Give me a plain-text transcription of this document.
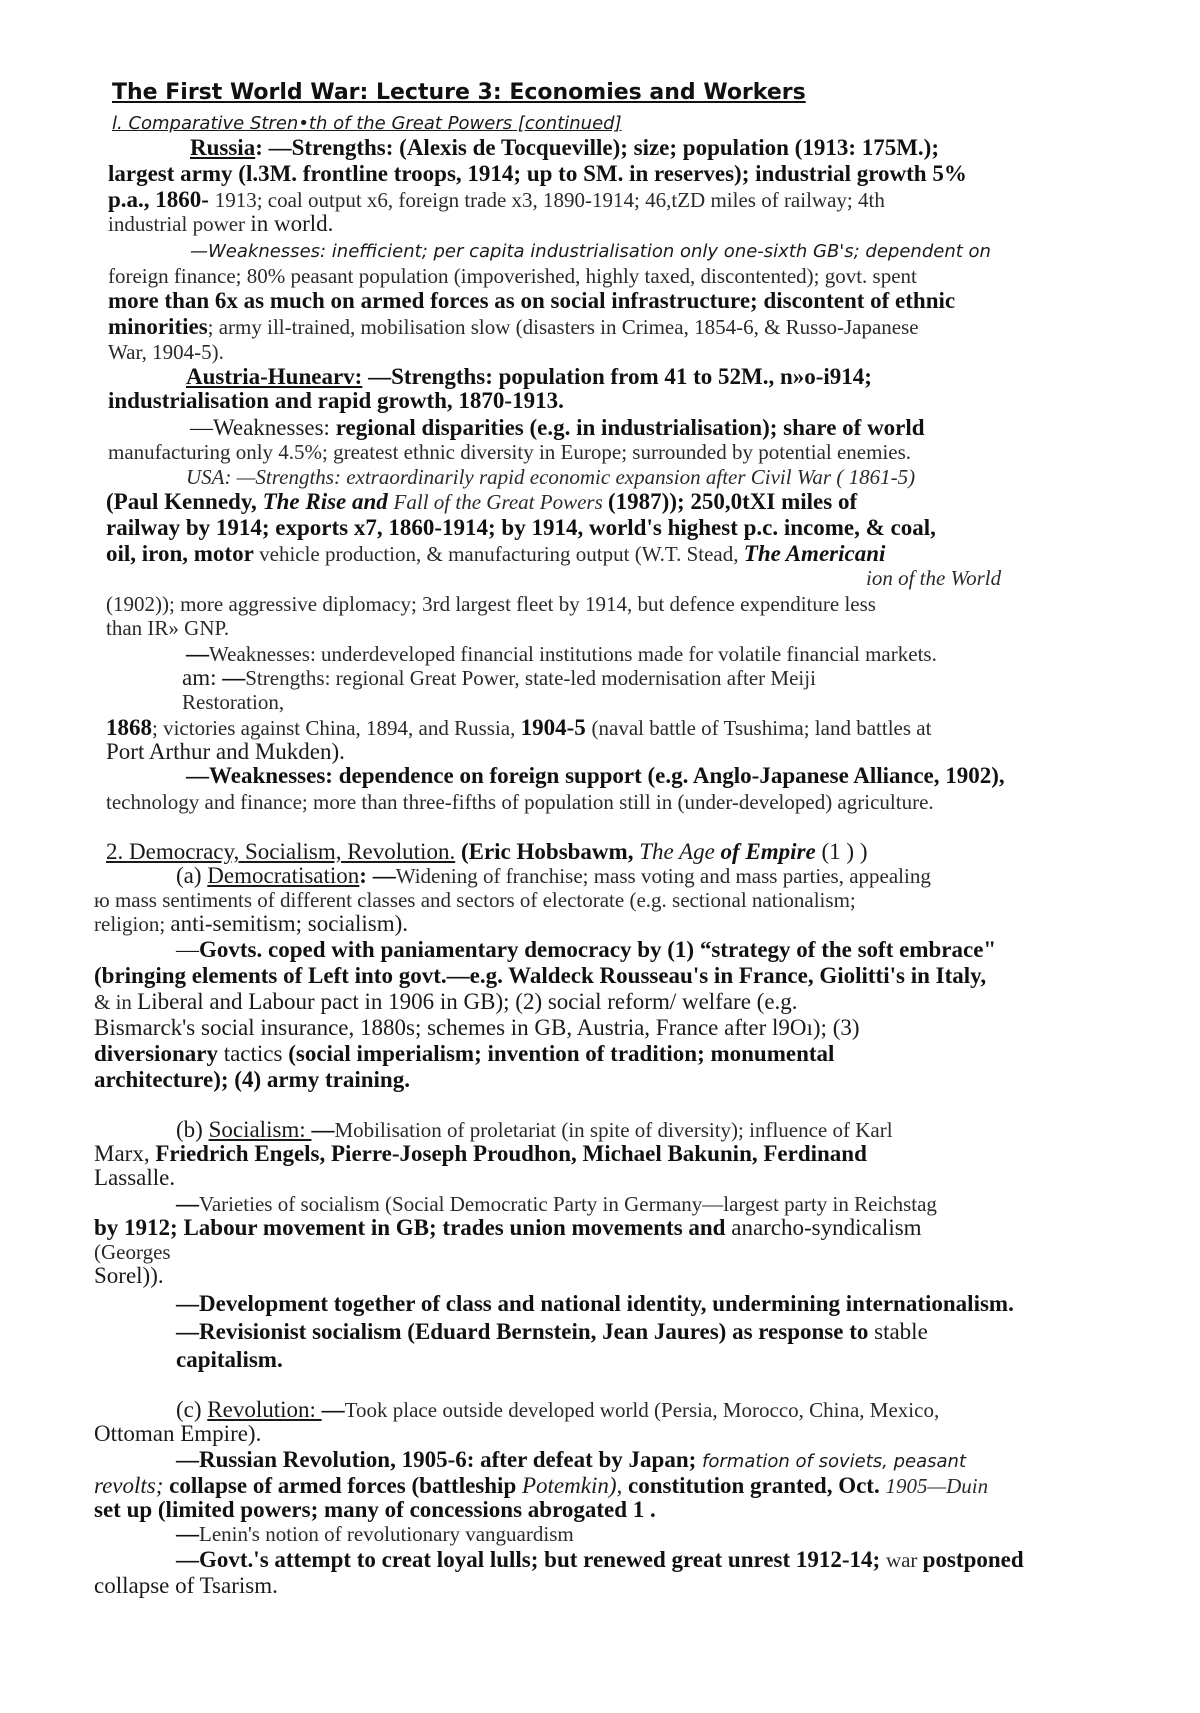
The First World War: Lecture 3: Economies and Workers
l. Comparative Stren•th of the Great Powers [continued]
Russia: —Strengths: (Alexis de Tocqueville); size; population (1913: 175M.);
largest army (l.3M. frontline troops, 1914; up to SM. in reserves); industrial growth 5%
p.a., 1860- 1913; coal output x6, foreign trade x3, 1890-1914; 46,tZD miles of railway; 4th
industrial power in world.
—Weaknesses: inefficient; per capita industrialisation only one-sixth GB's; dependent on
foreign finance; 80% peasant population (impoverished, highly taxed, discontented); govt. spent
more than 6x as much on armed forces as on social infrastructure; discontent of ethnic
minorities; army ill-trained, mobilisation slow (disasters in Crimea, 1854-6, & Russo-Japanese
War, 1904-5).
Austria-Hunearv: —Strengths: population from 41 to 52M., n»o-i914;
industrialisation and rapid growth, 1870-1913.
—Weaknesses: regional disparities (e.g. in industrialisation); share of world
manufacturing only 4.5%; greatest ethnic diversity in Europe; surrounded by potential enemies.
USA: —Strengths: extraordinarily rapid economic expansion after Civil War ( 1861-5)
(Paul Kennedy, The Rise and Fall of the Great Powers (1987)); 250,0tXI miles of
railway by 1914; exports x7, 1860-1914; by 1914, world's highest p.c. income, & coal,
oil, iron, motor vehicle production, & manufacturing output (W.T. Stead, The Americani
ion of the World
(1902)); more aggressive diplomacy; 3rd largest fleet by 1914, but defence expenditure less
than IR» GNP.
—Weaknesses: underdeveloped financial institutions made for volatile financial markets.
am: —Strengths: regional Great Power, state-led modernisation after Meiji
Restoration,
1868; victories against China, 1894, and Russia, 1904-5 (naval battle of Tsushima; land battles at
Port Arthur and Mukden).
—Weaknesses: dependence on foreign support (e.g. Anglo-Japanese Alliance, 1902),
technology and finance; more than three-fifths of population still in (under-developed) agriculture.
2. Democracy, Socialism, Revolution. (Eric Hobsbawm, The Age of Empire (1 ) )
(a) Democratisation: —Widening of franchise; mass voting and mass parties, appealing
ю mass sentiments of different classes and sectors of electorate (e.g. sectional nationalism;
religion; anti-semitism; socialism).
—Govts. coped with paniamentary democracy by (1) “strategy of the soft embrace"
(bringing elements of Left into govt.—e.g. Waldeck Rousseau's in France, Giolitti's in Italy,
& in Liberal and Labour pact in 1906 in GB); (2) social reform/ welfare (e.g.
Bismarck's social insurance, 1880s; schemes in GB, Austria, France after l9Oı); (3)
diversionary tactics (social imperialism; invention of tradition; monumental
architecture); (4) army training.
(b) Socialism: —Mobilisation of proletariat (in spite of diversity); influence of Karl
Marx, Friedrich Engels, Pierre-Joseph Proudhon, Michael Bakunin, Ferdinand
Lassalle.
—Varieties of socialism (Social Democratic Party in Germany—largest party in Reichstag
by 1912; Labour movement in GB; trades union movements and anarcho-syndicalism
(Georges
Sorel)).
—Development together of class and national identity, undermining internationalism.
—Revisionist socialism (Eduard Bernstein, Jean Jaures) as response to stable
capitalism.
(c) Revolution: —Took place outside developed world (Persia, Morocco, China, Mexico,
Ottoman Empire).
—Russian Revolution, 1905-6: after defeat by Japan; formation of soviets, peasant
revolts; collapse of armed forces (battleship Potemkin), constitution granted, Oct. 1905—Duin
set up (limited powers; many of concessions abrogated 1 .
—Lenin's notion of revolutionary vanguardism
—Govt.'s attempt to creat loyal lulls; but renewed great unrest 1912-14; war postponed
collapse of Tsarism.
